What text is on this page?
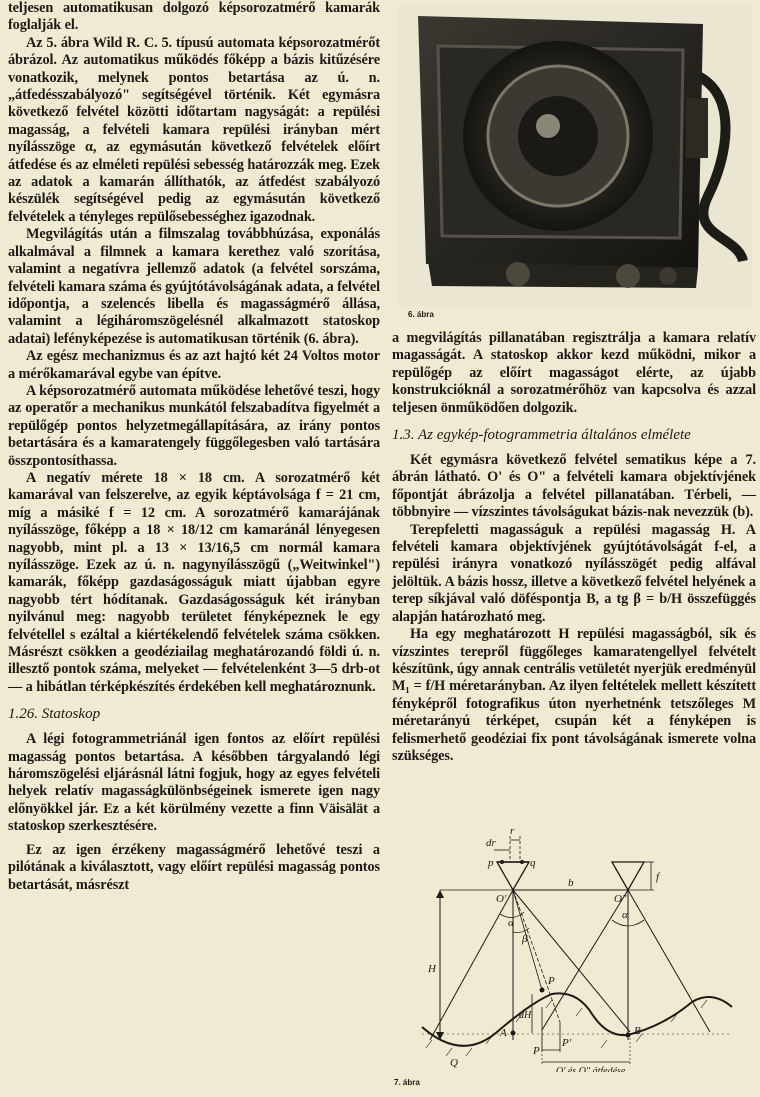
teljesen automatikusan dolgozó képsorozatmérő kamarák foglalják el.

Az 5. ábra Wild R. C. 5. típusú automata képsorozatmérőt ábrázol. Az automatikus működés főképp a bázis kitűzésére vonatkozik, melynek pontos betartása az ú. n. „átfedésszabályozó" segítségével történik. Két egymásra következő felvétel közötti időtartam nagyságát: a repülési magasság, a felvételi kamara repülési irányban mért nyílásszöge α, az egymásután következő felvételek előírt átfedése és az elméleti repülési sebesség határozzák meg. Ezek az adatok a kamarán állíthatók, az átfedést szabályozó készülék segítségével pedig az egymásután következő felvételek a tényleges repülősebességhez igazodnak.

Megvilágítás után a filmszalag továbbhúzása, exponálás alkalmával a filmnek a kamara kerethez való szorítása, valamint a negatívra jellemző adatok (a felvétel sorszáma, felvételi kamara száma és gyújtótávolságának adata, a felvétel időpontja, a szelencés libella és magasságmérő állása, valamint a légiháromszögelésnél alkalmazott statoskop adatai) lefényképezése is automatikusan történik (6. ábra).

Az egész mechanizmus és az azt hajtó két 24 Voltos motor a mérőkamarával egybe van építve.

A képsorozatmérő automata működése lehetővé teszi, hogy az operatőr a mechanikus munkától felszabadítva figyelmét a repülőgép pontos helyzetmegállapítására, az irány pontos betartására és a kamaratengely függőlegesben való tartására összpontosíthassa.

A negatív mérete 18 × 18 cm. A sorozatmérő két kamarával van felszerelve, az egyik képtávolsága f = 21 cm, míg a másiké f = 12 cm. A sorozatmérő kamarájának nyílásszöge, főképp a 18 × 18/12 cm kamaránál lényegesen nagyobb, mint pl. a 13 × 13/16,5 cm normál kamara nyílásszöge. Ezek az ú. n. nagynyílásszögű („Weitwinkel") kamarák, főképp gazdaságosságuk miatt újabban egyre nagyobb tért hódítanak. Gazdaságosságuk két irányban nyilvánul meg: nagyobb területet fényképeznek le egy felvétellel s ezáltal a kiértékelendő felvételek száma csökken. Másrészt csökken a geodéziailag meghatározandó földi ú. n. illesztő pontok száma, melyeket — felvételenként 3—5 drb-ot — a hibátlan térképkészítés érdekében kell meghatároznunk.

1.26. Statoskop

A légi fotogrammetriánál igen fontos az előírt repülési magasság pontos betartása. A későbben tárgyalandó légi háromszögelési eljárásnál látni fogjuk, hogy az egyes felvételi helyek relatív magasságkülönbségeinek ismerete igen nagy előnyökkel jár. Ez a két körülmény vezette a finn Väisälät a statoskop szerkesztésére.

Ez az igen érzékeny magasságmérő lehetővé teszi a pilótának a kiválasztott, vagy előírt repülési magasság pontos betartását, másrészt

6. ábra

a megvilágítás pillanatában regisztrálja a kamara relatív magasságát. A statoskop akkor kezd működni, mikor a repülőgép az előírt magasságot elérte, az újabb konstrukcióknál a sorozatmérőhöz van kapcsolva és azzal teljesen önműködően dolgozik.

1.3. Az egykép-fotogrammetria általános elmélete

Két egymásra következő felvétel sematikus képe a 7. ábrán látható. O' és O" a felvételi kamara objektívjének főpontját ábrázolja a felvétel pillanatában. Térbeli, — többnyire — vízszintes távolságukat bázis-nak nevezzük (b).

Terepfeletti magasságuk a repülési magasság H. A felvételi kamara objektívjének gyújtótávolságát f-el, a repülési irányra vonatkozó nyílásszögét pedig alfával jelöltük. A bázis hossz, illetve a következő felvétel helyének a terep síkjával való döféspontja B, a tg β = b/H összefüggés alapján határozható meg.

Ha egy meghatározott H repülési magasságból, sík és vízszintes terepről függőleges kamaratengellyel felvételt készítünk, úgy annak centrális vetületét nyerjük eredményül M₁ = f/H méretarányban. Az ilyen feltételek mellett készített fényképről fotografikus úton nyerhetnénk tetszőleges M méretarányú térképet, csupán két a fényképen is felismerhető geodéziai fix pont távolságának ismerete volna szükséges.

dr
r
p	q
O'	O"
b	f
H
α
α
β
dH
P
A	B
P
P'
Q
O' és O" átfedése
7. ábra
